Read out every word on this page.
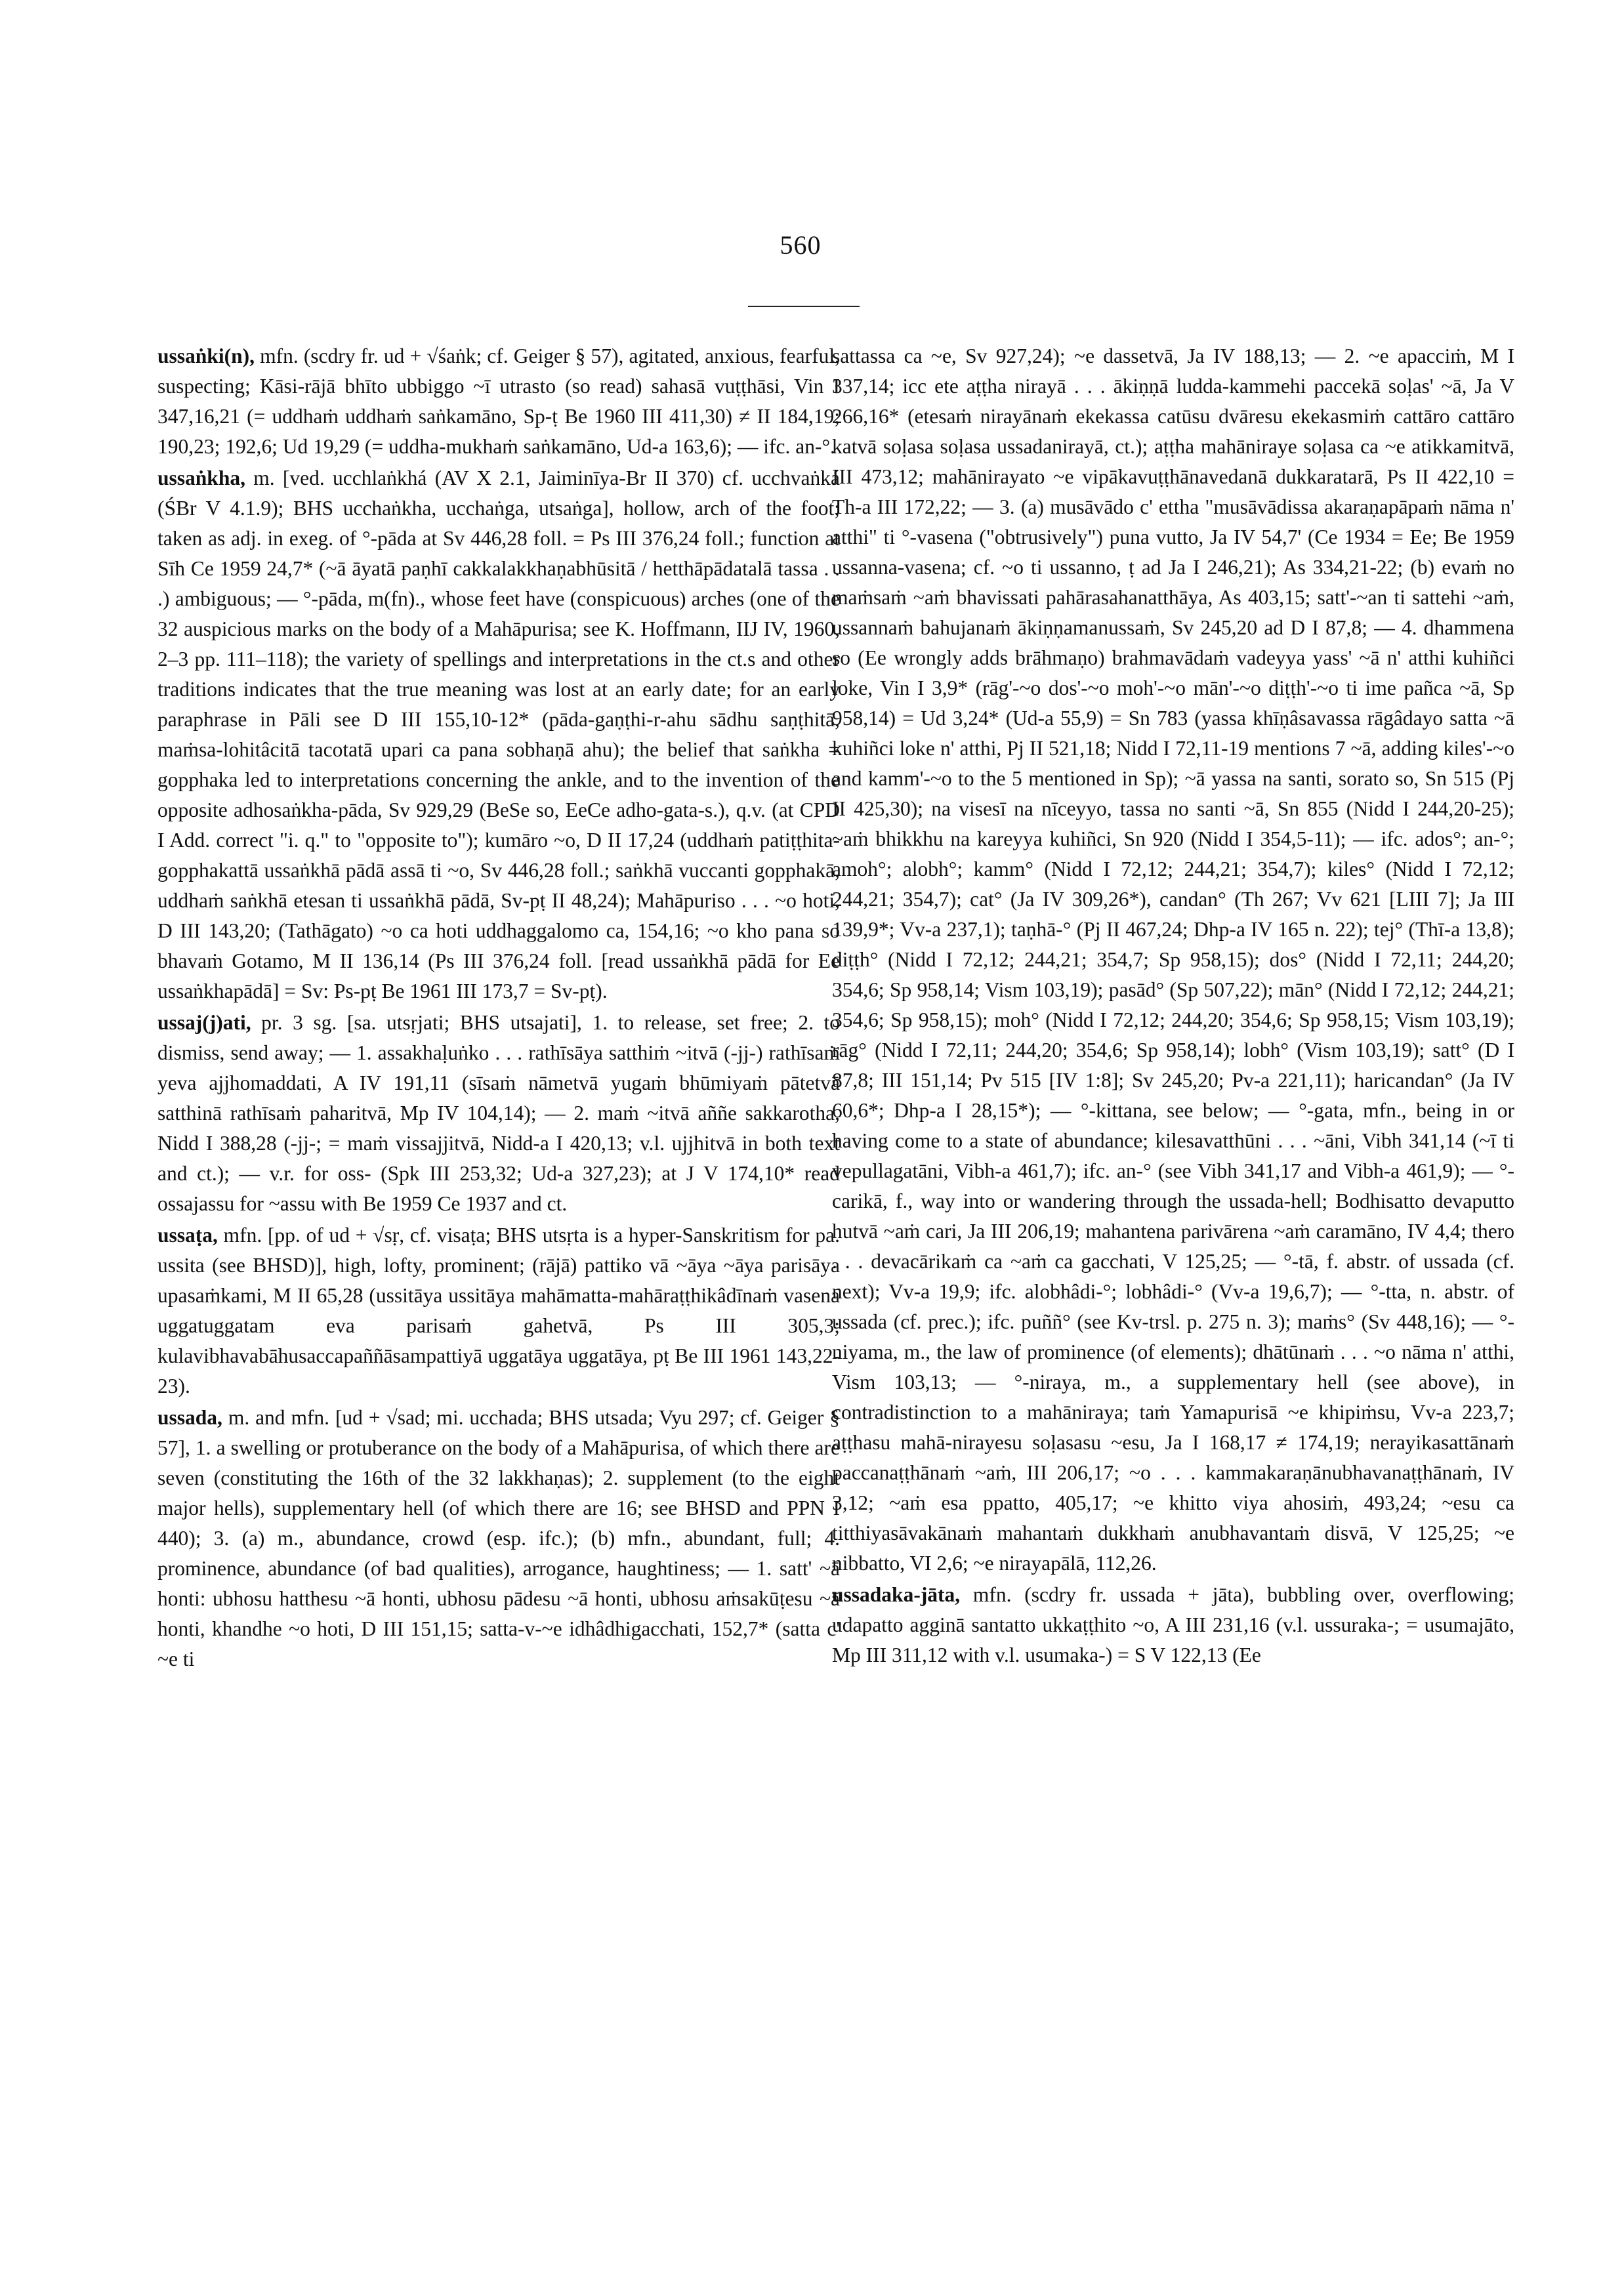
560

ussaṅki(n), mfn. (scdry fr. ud + √śaṅk; cf. Geiger § 57), agitated, anxious, fearful, suspecting; Kāsi-rājā bhīto ubbiggo ~ī utrasto (so read) sahasā vuṭṭhāsi, Vin I 347,16,21 (= uddhaṁ uddhaṁ saṅkamāno, Sp-ṭ Be 1960 III 411,30) ≠ II 184,19; 190,23; 192,6; Ud 19,29 (= uddha-mukhaṁ saṅkamāno, Ud-a 163,6); — ifc. an-°.

ussaṅkha, m. [ved. ucchlaṅkhá (AV X 2.1, Jaiminīya-Br II 370) cf. ucchvaṅká (ŚBr V 4.1.9); BHS ucchaṅkha, ucchaṅga, utsaṅga], hollow, arch of the foot; taken as adj. in exeg. of °-pāda at Sv 446,28 foll. = Ps III 376,24 foll.; function at Sīh Ce 1959 24,7* (~ā āyatā paṇhī cakkalakkhaṇabhūsitā / hetthāpādatalā tassa . . .) ambiguous; — °-pāda, m(fn)., whose feet have (conspicuous) arches (one of the 32 auspicious marks on the body of a Mahāpurisa; see K. Hoffmann, IIJ IV, 1960, 2–3 pp. 111–118); the variety of spellings and interpretations in the ct.s and other traditions indicates that the true meaning was lost at an early date; for an early paraphrase in Pāli see D III 155,10-12* (pāda-gaṇṭhi-r-ahu sādhu saṇṭhitā, maṁsa-lohitâcitā tacotatā upari ca pana sobhaṇā ahu); the belief that saṅkha = gopphaka led to interpretations concerning the ankle, and to the invention of the opposite adhosaṅkha-pāda, Sv 929,29 (BeSe so, EeCe adho-gata-s.), q.v. (at CPD I Add. correct "i. q." to "opposite to"); kumāro ~o, D II 17,24 (uddhaṁ patiṭṭhita-gopphakattā ussaṅkhā pādā assā ti ~o, Sv 446,28 foll.; saṅkhā vuccanti gopphakā, uddhaṁ saṅkhā etesan ti ussaṅkhā pādā, Sv-pṭ II 48,24); Mahāpuriso . . . ~o hoti, D III 143,20; (Tathāgato) ~o ca hoti uddhaggalomo ca, 154,16; ~o kho pana so bhavaṁ Gotamo, M II 136,14 (Ps III 376,24 foll. [read ussaṅkhā pādā for Ee ussaṅkhapādā] = Sv: Ps-pṭ Be 1961 III 173,7 = Sv-pṭ).

ussaj(j)ati, pr. 3 sg. [sa. utsṛjati; BHS utsajati], 1. to release, set free; 2. to dismiss, send away; — 1. assakhaḷuṅko . . . rathīsāya satthiṁ ~itvā (-jj-) rathīsaṁ yeva ajjhomaddati, A IV 191,11 (sīsaṁ nāmetvā yugaṁ bhūmiyaṁ pātetvā satthinā rathīsaṁ paharitvā, Mp IV 104,14); — 2. maṁ ~itvā aññe sakkarotha, Nidd I 388,28 (-jj-; = maṁ vissajjitvā, Nidd-a I 420,13; v.l. ujjhitvā in both text and ct.); — v.r. for oss- (Spk III 253,32; Ud-a 327,23); at J V 174,10* read ossajassu for ~assu with Be 1959 Ce 1937 and ct.

ussaṭa, mfn. [pp. of ud + √sṛ, cf. visaṭa; BHS utsṛta is a hyper-Sanskritism for pa. ussita (see BHSD)], high, lofty, prominent; (rājā) pattiko vā ~āya ~āya parisāya upasaṁkami, M II 65,28 (ussitāya ussitāya mahāmatta-mahāraṭṭhikâdīnaṁ vasena uggatuggatam eva parisaṁ gahetvā, Ps III 305,3; kulavibhavabāhusaccapaññāsampattiyā uggatāya uggatāya, pṭ Be III 1961 143,22-23).

ussada, m. and mfn. [ud + √sad; mi. ucchada; BHS utsada; Vyu 297; cf. Geiger § 57], 1. a swelling or protuberance on the body of a Mahāpurisa, of which there are seven (constituting the 16th of the 32 lakkhaṇas); 2. supplement (to the eight major hells), supplementary hell (of which there are 16; see BHSD and PPN I 440); 3. (a) m., abundance, crowd (esp. ifc.); (b) mfn., abundant, full; 4. prominence, abundance (of bad qualities), arrogance, haughtiness; — 1. satt' ~ā honti: ubhosu hatthesu ~ā honti, ubhosu pādesu ~ā honti, ubhosu aṁsakūṭesu ~ā honti, khandhe ~o hoti, D III 151,15; satta-v-~e idhâdhigacchati, 152,7* (satta c' ~e ti

sattassa ca ~e, Sv 927,24); ~e dassetvā, Ja IV 188,13; — 2. ~e apacciṁ, M I 337,14; icc ete aṭṭha nirayā . . . ākiṇṇā ludda-kammehi paccekā soḷas' ~ā, Ja V 266,16* (etesaṁ nirayānaṁ ekekassa catūsu dvāresu ekekasmiṁ cattāro cattāro katvā soḷasa soḷasa ussadanirayā, ct.); aṭṭha mahānirayе soḷasa ca ~e atikkamitvā, III 473,12; mahānirayato ~e vipākavuṭṭhānavedanā dukkaratarā, Ps II 422,10 = Th-a III 172,22; — 3. (a) musāvādo c' ettha "musāvādissa akaraṇapāpaṁ nāma n' atthi" ti °-vasena ("obtrusively") puna vutto, Ja IV 54,7' (Ce 1934 = Ee; Be 1959 ussanna-vasena; cf. ~o ti ussanno, ṭ ad Ja I 246,21); As 334,21-22; (b) evaṁ no maṁsaṁ ~aṁ bhavissati pahārasahanatthāya, As 403,15; satt'-~an ti sattehi ~aṁ, ussannaṁ bahujanaṁ ākiṇṇamanussaṁ, Sv 245,20 ad D I 87,8; — 4. dhammena so (Ee wrongly adds brāhmaṇo) brahmavādaṁ vadeyya yass' ~ā n' atthi kuhiñci loke, Vin I 3,9* (rāg'-~o dos'-~o moh'-~o mān'-~o diṭṭh'-~o ti ime pañca ~ā, Sp 958,14) = Ud 3,24* (Ud-a 55,9) = Sn 783 (yassa khīṇâsavassa rāgâdayo satta ~ā kuhiñci loke n' atthi, Pj II 521,18; Nidd I 72,11-19 mentions 7 ~ā, adding kiles'-~o and kamm'-~o to the 5 mentioned in Sp); ~ā yassa na santi, sorato so, Sn 515 (Pj II 425,30); na visesī na nīceyyo, tassa no santi ~ā, Sn 855 (Nidd I 244,20-25); ~aṁ bhikkhu na kareyya kuhiñci, Sn 920 (Nidd I 354,5-11); — ifc. ados°; an-°; amoh°; alobh°; kamm° (Nidd I 72,12; 244,21; 354,7); kiles° (Nidd I 72,12; 244,21; 354,7); cat° (Ja IV 309,26*), candan° (Th 267; Vv 621 [LIII 7]; Ja III 139,9*; Vv-a 237,1); taṇhā-° (Pj II 467,24; Dhp-a IV 165 n. 22); tej° (Thī-a 13,8); diṭṭh° (Nidd I 72,12; 244,21; 354,7; Sp 958,15); dos° (Nidd I 72,11; 244,20; 354,6; Sp 958,14; Vism 103,19); pasād° (Sp 507,22); mān° (Nidd I 72,12; 244,21; 354,6; Sp 958,15); moh° (Nidd I 72,12; 244,20; 354,6; Sp 958,15; Vism 103,19); rāg° (Nidd I 72,11; 244,20; 354,6; Sp 958,14); lobh° (Vism 103,19); satt° (D I 87,8; III 151,14; Pv 515 [IV 1:8]; Sv 245,20; Pv-a 221,11); haricandan° (Ja IV 60,6*; Dhp-a I 28,15*); — °-kittana, see below; — °-gata, mfn., being in or having come to a state of abundance; kilesavatthūni . . . ~āni, Vibh 341,14 (~ī ti vepullagatāni, Vibh-a 461,7); ifc. an-° (see Vibh 341,17 and Vibh-a 461,9); — °-carikā, f., way into or wandering through the ussada-hell; Bodhisatto devaputto hutvā ~aṁ cari, Ja III 206,19; mahantena parivārena ~aṁ caramāno, IV 4,4; thero . . . devacārikaṁ ca ~aṁ ca gacchati, V 125,25; — °-tā, f. abstr. of ussada (cf. next); Vv-a 19,9; ifc. alobhâdi-°; lobhâdi-° (Vv-a 19,6,7); — °-tta, n. abstr. of ussada (cf. prec.); ifc. puññ° (see Kv-trsl. p. 275 n. 3); maṁs° (Sv 448,16); — °-niyama, m., the law of prominence (of elements); dhātūnaṁ . . . ~o nāma n' atthi, Vism 103,13; — °-niraya, m., a supplementary hell (see above), in contradistinction to a mahāniraya; taṁ Yamapurisā ~e khipiṁsu, Vv-a 223,7; aṭṭhasu mahā-nirayesu soḷasasu ~esu, Ja I 168,17 ≠ 174,19; nerayikasattānaṁ paccanaṭṭhānaṁ ~aṁ, III 206,17; ~o . . . kammakaraṇānubhavanaṭṭhānaṁ, IV 3,12; ~aṁ esa ppatto, 405,17; ~e khitto viya ahosiṁ, 493,24; ~esu ca titthiyasāvakānaṁ mahantaṁ dukkhaṁ anubhavantaṁ disvā, V 125,25; ~e nibbatto, VI 2,6; ~e nirayapālā, 112,26.

ussadaka-jāta, mfn. (scdry fr. ussada + jāta), bubbling over, overflowing; udapatto agginā santatto ukkaṭṭhito ~o, A III 231,16 (v.l. ussuraka-; = usumajāto, Mp III 311,12 with v.l. usumaka-) = S V 122,13 (Ee
